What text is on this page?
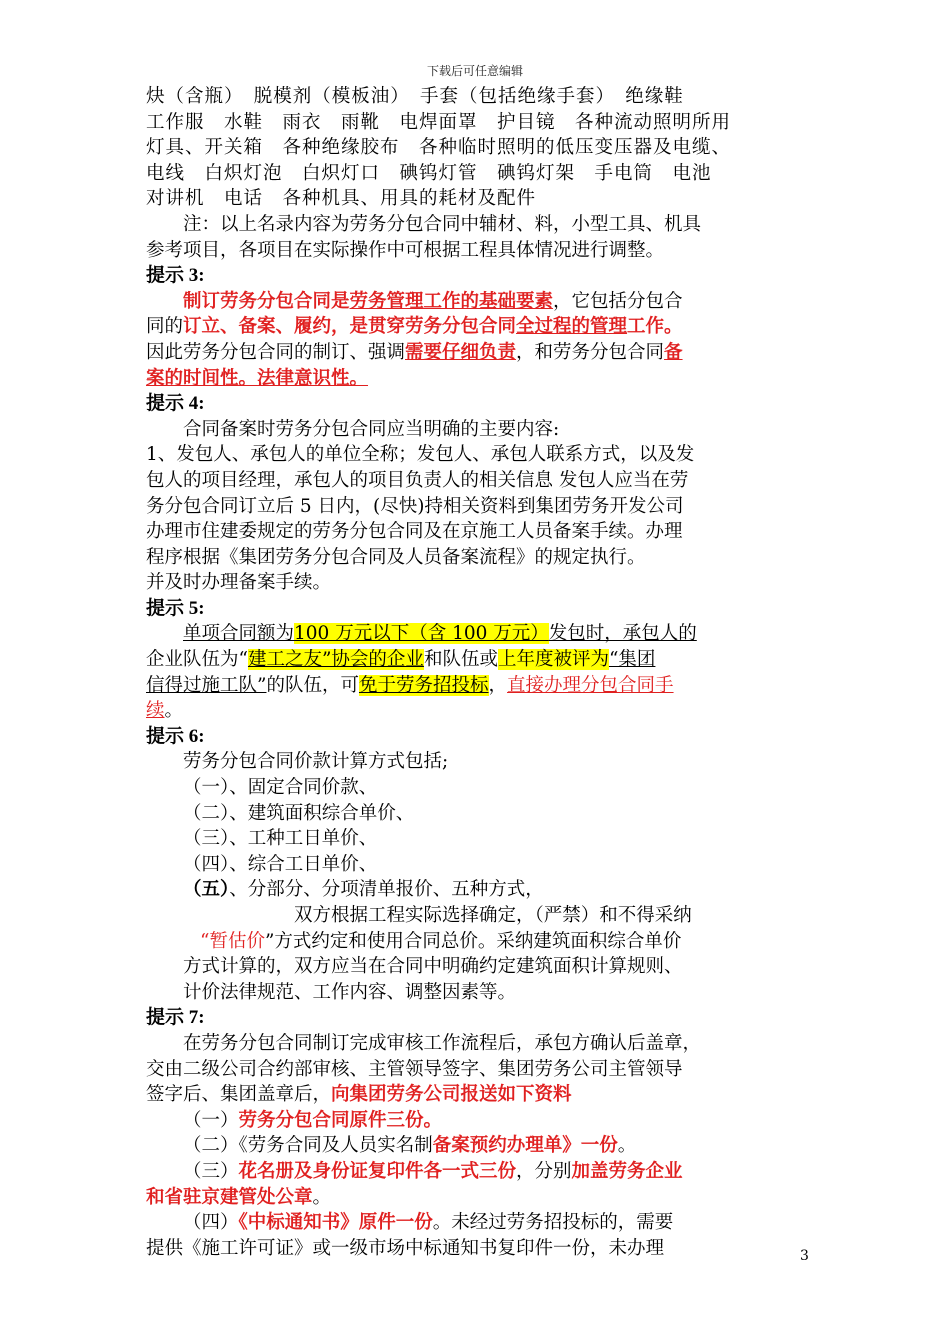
下载后可任意编辑
炔（含瓶）　脱模剂（模板油）　手套（包括绝缘手套）　绝缘鞋
工作服　水鞋　雨衣　雨靴　电焊面罩　护目镜　各种流动照明所用
灯具、开关箱　各种绝缘胶布　各种临时照明的低压变压器及电缆、
电线　白炽灯泡　白炽灯口　碘钨灯管　碘钨灯架　手电筒　电池
对讲机　电话　各种机具、用具的耗材及配件
注：以上名录内容为劳务分包合同中辅材、料，小型工具、机具
参考项目，各项目在实际操作中可根据工程具体情况进行调整。
提示 3:
制订劳务分包合同是劳务管理工作的基础要素，它包括分包合
同的订立、备案、履约，是贯穿劳务分包合同全过程的管理工作。
因此劳务分包合同的制订、强调需要仔细负责，和劳务分包合同备
案的时间性。法律意识性。
提示 4:
合同备案时劳务分包合同应当明确的主要内容:
1、发包人、承包人的单位全称；发包人、承包人联系方式，以及发
包人的项目经理，承包人的项目负责人的相关信息 发包人应当在劳
务分包合同订立后 5 日内，(尽快)持相关资料到集团劳务开发公司
办理市住建委规定的劳务分包合同及在京施工人员备案手续。办理
程序根据《集团劳务分包合同及人员备案流程》的规定执行。
并及时办理备案手续。
提示 5:
单项合同额为100 万元以下（含 100 万元）发包时，承包人的
企业队伍为“建工之友”协会的企业和队伍或上年度被评为“集团
信得过施工队”的队伍，可免于劳务招投标，直接办理分包合同手
续。
提示 6:
劳务分包合同价款计算方式包括;
（一）、固定合同价款、
（二）、建筑面积综合单价、
（三）、工种工日单价、
（四）、综合工日单价、
（五）、分部分、分项清单报价、五种方式，
双方根据工程实际选择确定，（严禁）和不得采纳
“暂估价”方式约定和使用合同总价。采纳建筑面积综合单价
方式计算的，双方应当在合同中明确约定建筑面积计算规则、
计价法律规范、工作内容、调整因素等。
提示 7:
在劳务分包合同制订完成审核工作流程后，承包方确认后盖章，
交由二级公司合约部审核、主管领导签字、集团劳务公司主管领导
签字后、集团盖章后，向集团劳务公司报送如下资料
（一）劳务分包合同原件三份。
（二）《劳务合同及人员实名制备案预约办理单》一份。
（三）花名册及身份证复印件各一式三份，分别加盖劳务企业
和省驻京建管处公章。
（四）《中标通知书》原件一份。未经过劳务招投标的，需要
提供《施工许可证》或一级市场中标通知书复印件一份，未办理	3
